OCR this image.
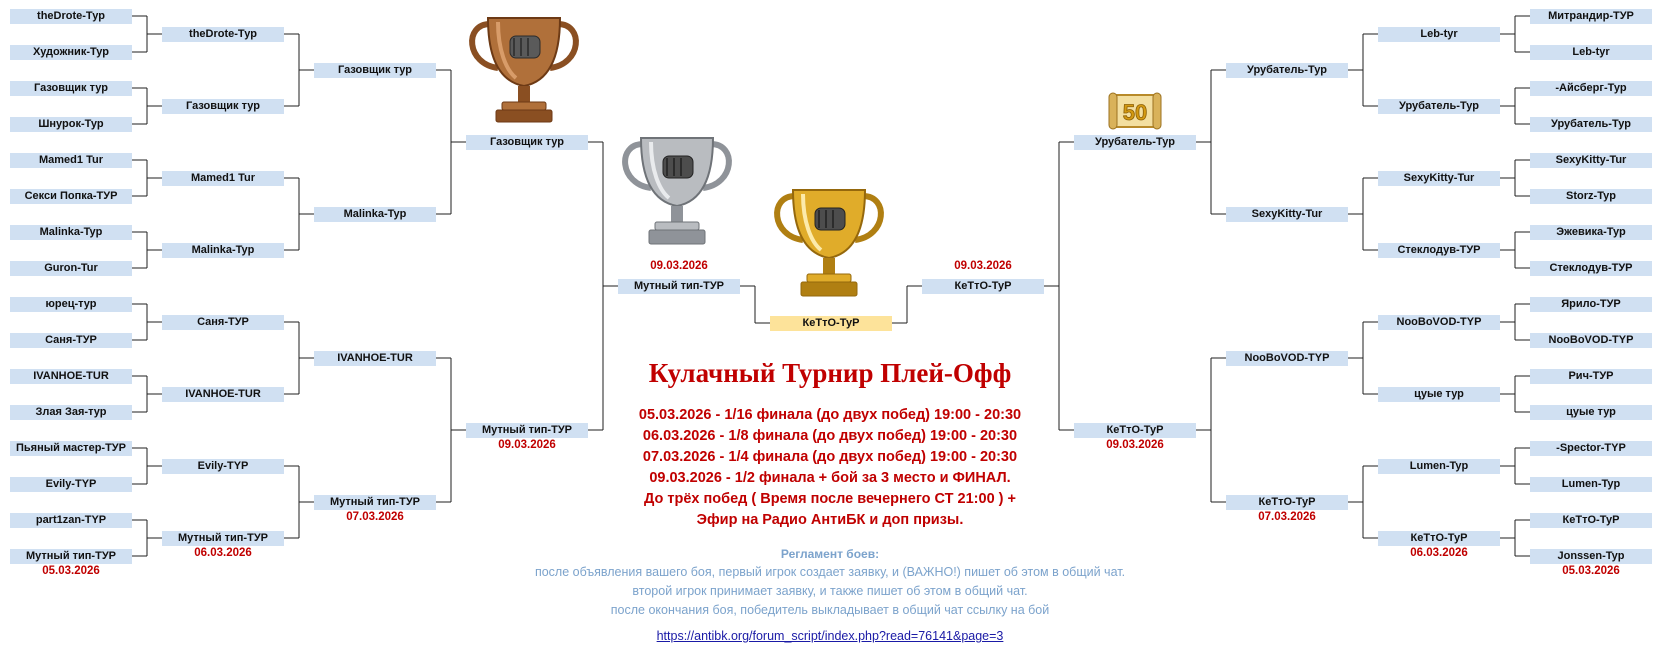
50
theDrote-Тур
Художник-Тур
Газовщик тур
Шнурок-Тур
Mamed1 Tur
Секси Попка-ТУР
Malinka-Typ
Guron-Tur
юрец-тур
Саня-ТУР
IVANHOE-TUR
Злая Зая-тур
Пьяный мастер-ТУР
Evily-TYP
part1zan-TYP
Мутный тип-ТУР
theDrote-Тур
Газовщик тур
Mamed1 Tur
Malinka-Typ
Саня-ТУР
IVANHOE-TUR
Evily-TYP
Мутный тип-ТУР
Газовщик тур
Malinka-Typ
IVANHOE-TUR
Мутный тип-ТУР
Газовщик тур
Мутный тип-ТУР
Мутный тип-ТУР
КеТтО-ТуР
КеТтО-ТуР
Урубатель-Тур
КеТтО-ТуР
Урубатель-Тур
SexyKitty-Tur
NooBoVOD-TYP
КеТтО-ТуР
Leb-tyr
Урубатель-Тур
SexyKitty-Tur
Стеклодув-ТУР
NooBoVOD-TYP
цуые тур
Lumen-Typ
КеТтО-ТуР
Митрандир-ТУР
Leb-tyr
-Айсберг-Тур
Урубатель-Тур
SexyKitty-Tur
Storz-Typ
Эжевика-Тур
Стеклодув-ТУР
Ярило-ТУР
NooBoVOD-TYP
Рич-ТУР
цуые тур
-Spector-TYP
Lumen-Typ
КеТтО-ТуР
Jonssen-Typ
05.03.2026
06.03.2026
07.03.2026
09.03.2026
09.03.2026	09.03.2026
09.03.2026
07.03.2026
06.03.2026
05.03.2026
Кулачный Турнир Плей-Офф
05.03.2026 - 1/16 финала (до двух побед) 19:00 - 20:30
06.03.2026 - 1/8 финала (до двух побед) 19:00 - 20:30
07.03.2026 - 1/4 финала (до двух побед) 19:00 - 20:30
09.03.2026 - 1/2 финала + бой за 3 место и ФИНАЛ.
До трёх побед ( Время после вечернего СТ 21:00 ) +
Эфир на Радио АнтиБК и доп призы.
Регламент боев:
после объявления вашего боя, первый игрок создает заявку, и (ВАЖНО!) пишет об этом в общий чат.
второй игрок принимает заявку, и также пишет об этом в общий чат.
после окончания боя, победитель выкладывает в общий чат ссылку на бой
https://antibk.org/forum_script/index.php?read=76141&page=3
